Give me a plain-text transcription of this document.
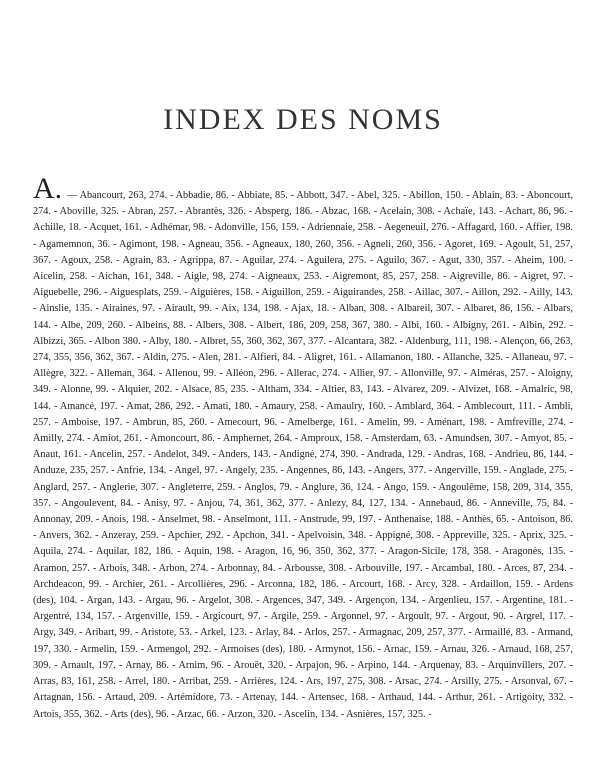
INDEX DES NOMS

A. — Abancourt, 263, 274. - Abbadie, 86. - Abbiate, 85. - Abbott, 347. - Abel, 325. - Abillon, 150. - Ablain, 83. - Aboncourt, 274. - Aboville, 325. - Abran, 257. - Abrantès, 326. - Absperg, 186. - Abzac, 168. - Acelain, 308. - Achaïe, 143. - Achart, 86, 96. - Achille, 18. - Acquet, 161. - Adhémar, 98. - Adonville, 156, 159. - Adriennaie, 258. - Aegeneuil, 276. - Affagard, 160. - Affier, 198. - Agamemnon, 36. - Agimont, 198. - Agneau, 356. - Agneaux, 180, 260, 356. - Agneli, 260, 356. - Agoret, 169. - Agoult, 51, 257, 367. - Agoux, 258. - Agrain, 83. - Agrippa, 87. - Aguilar, 274. - Aguilera, 275. - Aguilo, 367. - Agut, 330, 357. - Aheim, 100. - Aicelin, 258. - Aichan, 161, 348. - Aigle, 98, 274. - Aigneaux, 253. - Aigremont, 85, 257, 258. - Aigreville, 86. - Aigret, 97. - Aiguebelle, 296. - Aiguesplats, 259. - Aiguières, 158. - Aiguillon, 259. - Aiguirandes, 258. - Aillac, 307. - Aillon, 292. - Ailly, 143. - Ainslie, 135. - Airaines, 97. - Airault, 99. - Aix, 134, 198. - Ajax, 18. - Alban, 308. - Albareil, 307. - Albaret, 86, 156. - Albars, 144. - Albe, 209, 260. - Albeins, 88. - Albers, 308. - Albert, 186, 209, 258, 367, 380. - Albi, 160. - Albigny, 261. - Albin, 292. - Albizzi, 365. - Albon 380. - Alby, 180. - Albret, 55, 360, 362, 367, 377. - Alcantara, 382. - Aldenburg, 111, 198. - Alençon, 66, 263, 274, 355, 356, 362, 367. - Aldin, 275. - Alen, 281. - Alfieri, 84. - Aligret, 161. - Allamanon, 180. - Allanche, 325. - Allaneau, 97. - Allègre, 322. - Alleman, 364. - Allenou, 99. - Alléon, 296. - Allerac, 274. - Allier, 97. - Allonville, 97. - Alméras, 257. - Aloigny, 349. - Alonne, 99. - Alquier, 202. - Alsace, 85, 235. - Altham, 334. - Altier, 83, 143. - Alvarez, 209. - Alvizet, 168. - Amalric, 98, 144. - Amancé, 197. - Amat, 286, 292. - Amati, 180. - Amaury, 258. - Amaulry, 160. - Amblard, 364. - Amblecourt, 111. - Ambli, 257. - Amboise, 197. - Ambrun, 85, 260. - Amecourt, 96. - Amelberge, 161. - Amelin, 99. - Aménart, 198. - Amfreville, 274. - Amilly, 274. - Amiot, 261. - Amoncourt, 86. - Amphernet, 264. - Amproux, 158. - Amsterdam, 63. - Amundsen, 307. - Amyot, 85. - Anaut, 161. - Ancelin, 257. - Andelot, 349. - Anders, 143. - Andigné, 274, 390. - Andrada, 129. - Andras, 168. - Andrieu, 86, 144. - Anduze, 235, 257. - Anfrie, 134. - Angel, 97. - Angely, 235. - Angennes, 86, 143. - Angers, 377. - Angerville, 159. - Anglade, 275. - Anglard, 257. - Anglerie, 307. - Angleterre, 259. - Anglos, 79. - Anglure, 36, 124. - Ango, 159. - Angoulême, 158, 209, 314, 355, 357. - Angoulevent, 84. - Anisy, 97. - Anjou, 74, 361, 362, 377. - Anlezy, 84, 127, 134. - Annebaud, 86. - Anneville, 75, 84. - Annonay, 209. - Anois, 198. - Anselmet, 98. - Anselmont, 111. - Anstrude, 99, 197. - Anthenaise, 188. - Anthès, 65. - Antoison, 86. - Anvers, 362. - Anzeray, 259. - Apchier, 292. - Apchon, 341. - Apelvoisin, 348. - Appigné, 308. - Appreville, 325. - Aprix, 325. - Aquila, 274. - Aquilar, 182, 186. - Aquin, 198. - Aragon, 16, 96, 350, 362, 377. - Aragon-Sicile, 178, 358. - Aragonès, 135. - Aramon, 257. - Arbois, 348. - Arbon, 274. - Arbonnay, 84. - Arbousse, 308. - Arbouville, 197. - Arcambal, 180. - Arces, 87, 234. - Archdeacon, 99. - Archier, 261. - Arcollières, 296. - Arconna, 182, 186. - Arcourt, 168. - Arcy, 328. - Ardaillon, 159. - Ardens (des), 104. - Argan, 143. - Argau, 96. - Argelot, 308. - Argences, 347, 349. - Argençon, 134. - Argenlieu, 157. - Argentine, 181. - Argentré, 134, 157. - Argenville, 159. - Argicourt, 97. - Argile, 259. - Argonnel, 97. - Argoult, 97. - Argout, 90. - Argrel, 117. - Argy, 349. - Aribart, 99. - Aristote, 53. - Arkel, 123. - Arlay, 84. - Arlos, 257. - Armagnac, 209, 257, 377. - Armaillé, 83. - Armand, 197, 330. - Armelin, 159. - Armengol, 292. - Armoises (des), 180. - Armynot, 156. - Arnac, 159. - Arnau, 326. - Arnaud, 168, 257, 309. - Arnault, 197. - Arnay, 86. - Arnim, 96. - Arouët, 320. - Arpajon, 96. - Arpino, 144. - Arquenay, 83. - Arquinvillers, 207. - Arras, 83, 161, 258. - Arrel, 180. - Arribat, 259. - Arrières, 124. - Ars, 197, 275, 308. - Arsac, 274. - Arsilly, 275. - Arsonval, 67. - Artagnan, 156. - Artaud, 209. - Artémidore, 73. - Artenay, 144. - Artensec, 168. - Arthaud, 144. - Arthur, 261. - Artigoity, 332. - Artois, 355, 362. - Arts (des), 96. - Arzac, 66. - Arzon, 320. - Ascelin, 134. - Asnières, 157, 325. -
